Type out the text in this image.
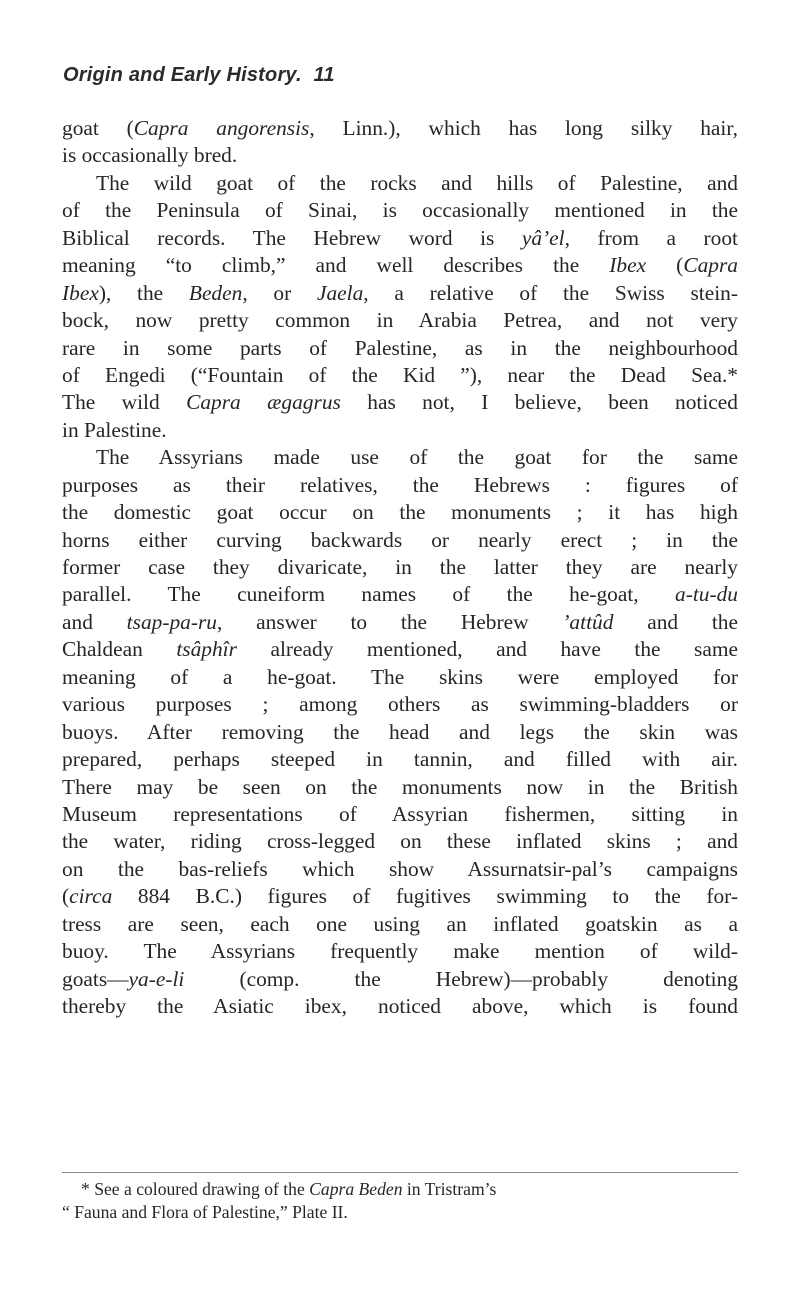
Origin and Early History. 11
goat (Capra angorensis, Linn.), which has long silky hair,
is occasionally bred.
The wild goat of the rocks and hills of Palestine, and
of the Peninsula of Sinai, is occasionally mentioned in the
Biblical records. The Hebrew word is yâ’el, from a root
meaning “to climb,” and well describes the Ibex (Capra
Ibex), the Beden, or Jaela, a relative of the Swiss stein-
bock, now pretty common in Arabia Petrea, and not very
rare in some parts of Palestine, as in the neighbourhood
of Engedi (“Fountain of the Kid ”), near the Dead Sea.*
The wild Capra ægagrus has not, I believe, been noticed
in Palestine.
The Assyrians made use of the goat for the same
purposes as their relatives, the Hebrews : figures of
the domestic goat occur on the monuments ; it has high
horns either curving backwards or nearly erect ; in the
former case they divaricate, in the latter they are nearly
parallel. The cuneiform names of the he-goat, a-tu-du
and tsap-pa-ru, answer to the Hebrew ’attûd and the
Chaldean tsâphîr already mentioned, and have the same
meaning of a he-goat. The skins were employed for
various purposes ; among others as swimming-bladders or
buoys. After removing the head and legs the skin was
prepared, perhaps steeped in tannin, and filled with air.
There may be seen on the monuments now in the British
Museum representations of Assyrian fishermen, sitting in
the water, riding cross-legged on these inflated skins ; and
on the bas-reliefs which show Assurnatsir-pal’s campaigns
(circa 884 B.C.) figures of fugitives swimming to the for-
tress are seen, each one using an inflated goatskin as a
buoy. The Assyrians frequently make mention of wild-
goats—ya-e-li (comp. the Hebrew)—probably denoting
thereby the Asiatic ibex, noticed above, which is found
* See a coloured drawing of the Capra Beden in Tristram’s
“ Fauna and Flora of Palestine,” Plate II.
